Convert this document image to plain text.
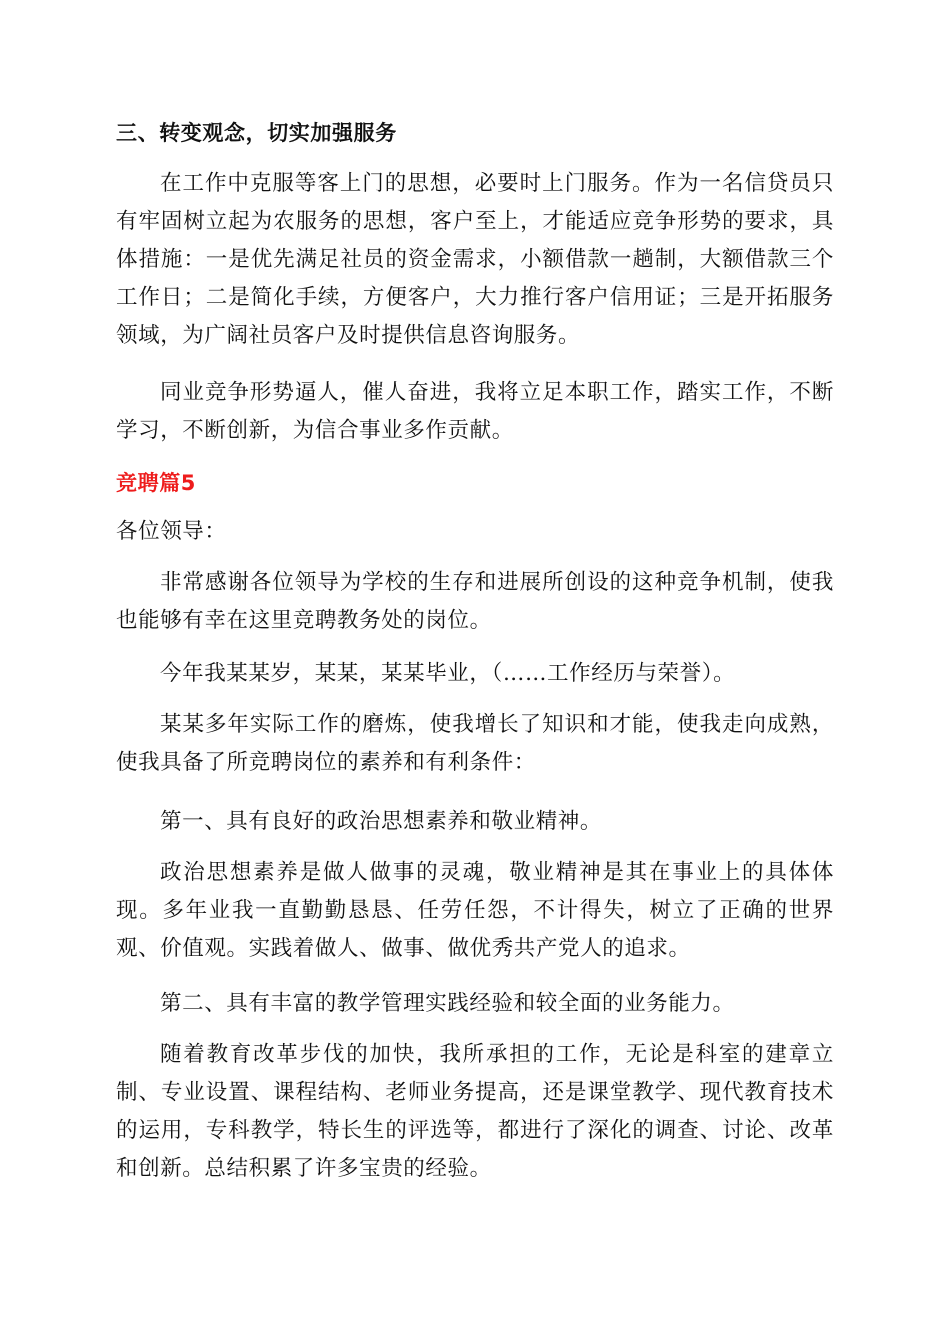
三、转变观念，切实加强服务

在工作中克服等客上门的思想，必要时上门服务。作为一名信贷员只有牢固树立起为农服务的思想，客户至上，才能适应竞争形势的要求，具体措施：一是优先满足社员的资金需求，小额借款一趟制，大额借款三个工作日；二是简化手续，方便客户，大力推行客户信用证；三是开拓服务领域，为广阔社员客户及时提供信息咨询服务。

同业竞争形势逼人，催人奋进，我将立足本职工作，踏实工作，不断学习，不断创新，为信合事业多作贡献。

竞聘篇5

各位领导：

非常感谢各位领导为学校的生存和进展所创设的这种竞争机制，使我也能够有幸在这里竞聘教务处的岗位。

今年我某某岁，某某，某某毕业，（……工作经历与荣誉）。

某某多年实际工作的磨炼，使我增长了知识和才能，使我走向成熟，使我具备了所竞聘岗位的素养和有利条件：

第一、具有良好的政治思想素养和敬业精神。

政治思想素养是做人做事的灵魂，敬业精神是其在事业上的具体体现。多年业我一直勤勤恳恳、任劳任怨，不计得失，树立了正确的世界观、价值观。实践着做人、做事、做优秀共产党人的追求。

第二、具有丰富的教学管理实践经验和较全面的业务能力。

随着教育改革步伐的加快，我所承担的工作，无论是科室的建章立制、专业设置、课程结构、老师业务提高，还是课堂教学、现代教育技术的运用，专科教学，特长生的评选等，都进行了深化的调查、讨论、改革和创新。总结积累了许多宝贵的经验。
